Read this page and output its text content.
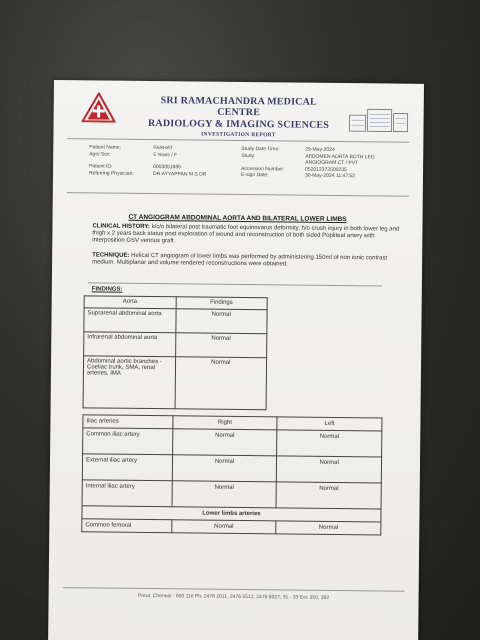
SRI RAMACHANDRA MEDICAL CENTRE
RADIOLOGY & IMAGING SCIENCES
INVESTIGATION REPORT
Patient Name:	FARHAT
Age/ Sex:	5 Years / F
Patient ID:	0003051885
Referring Physician:	DR.AYYAPPAN M S DR
Study Date Time:	29-May-2024
Study:	ABDOMEN AORTA BOTH LEG
ANGIOGRAM CT / PVT
Accession Number:	052012372500235
E-sign Date:	30-May-2024 11:47:52
CT ANGIOGRAM ABDOMINAL AORTA AND BILATERAL LOWER LIMBS
CLINICAL HISTORY: k/c/o bilateral post traumatic foot equinovarus deformity, h/o crush injury in both lower leg and thigh x 2 years back status post exploration of wound and reconstruction of both sided Popliteal artery with interposition GSV venous graft.
TECHNIQUE: Helical CT angiogram of lower limbs was performed by administering 150ml of non ionic contrast medium. Multiplanar and volume rendered reconstructions were obtained.
FINDINGS:
Aorta	Findings
Suprarenal abdominal aorta	Normal
Infrarenal abdominal aorta	Normal
Abdominal aortic branches - Coeliac trunk, SMA, renal arteries, IMA	Normal
Iliac arteries	Right	Left
Common iliac artery	Normal	Normal
External iliac artery	Normal	Normal
Internal iliac artery	Normal	Normal
Lower limbs arteries		
Common femoral	Normal	Normal
Porur, Chennai - 600 116 Ph: 2476 2011, 2476 5512, 2476 8027, 31 - 33 Ext: 350, 392
